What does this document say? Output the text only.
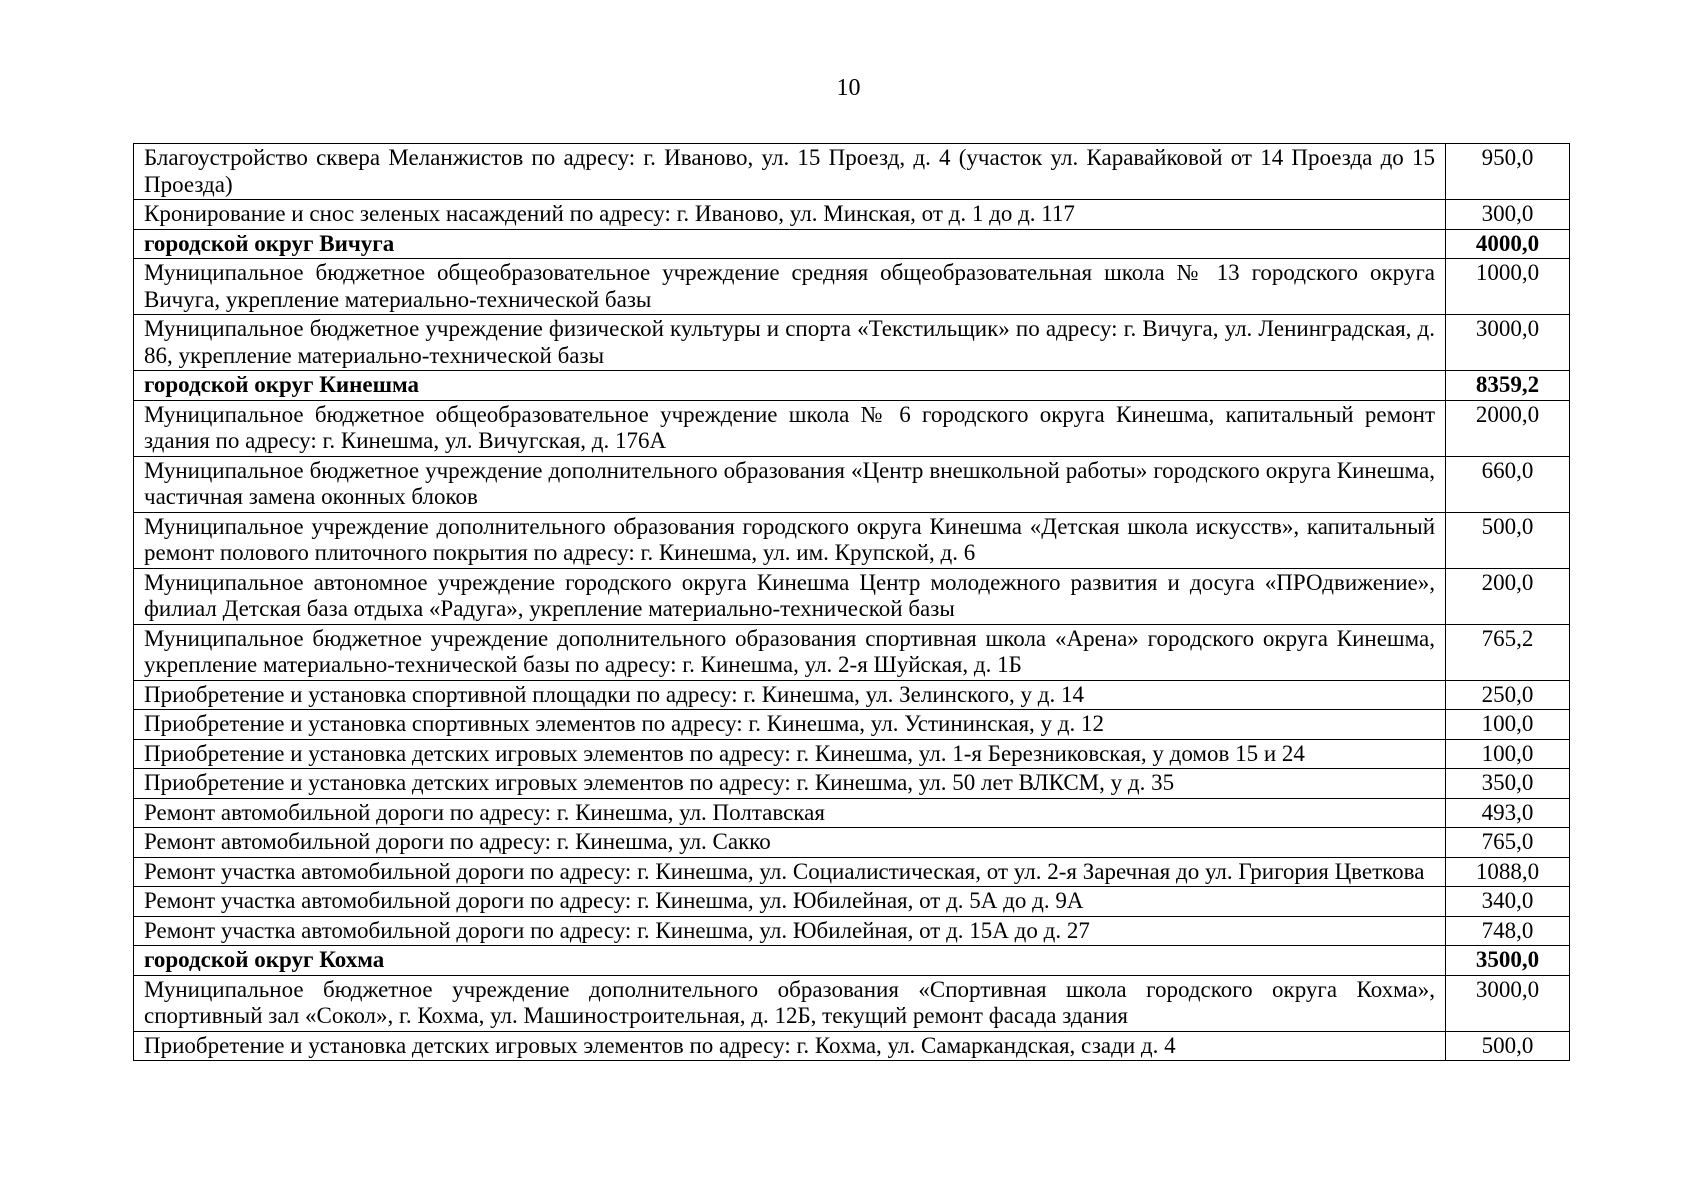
10
Благоустройство сквера Меланжистов по адресу: г. Иваново, ул. 15 Проезд, д. 4 (участок ул. Каравайковой от 14 Проезда до 15 Проезда)	950,0
Кронирование и снос зеленых насаждений по адресу: г. Иваново, ул. Минская, от д. 1 до д. 117	300,0
городской округ Вичуга	4000,0
Муниципальное бюджетное общеобразовательное учреждение средняя общеобразовательная школа № 13 городского округа Вичуга, укрепление материально-технической базы	1000,0
Муниципальное бюджетное учреждение физической культуры и спорта «Текстильщик» по адресу: г. Вичуга, ул. Ленинградская, д. 86, укрепление материально-технической базы	3000,0
городской округ Кинешма	8359,2
Муниципальное бюджетное общеобразовательное учреждение школа № 6 городского округа Кинешма, капитальный ремонт здания по адресу: г. Кинешма, ул. Вичугская, д. 176А	2000,0
Муниципальное бюджетное учреждение дополнительного образования «Центр внешкольной работы» городского округа Кинешма, частичная замена оконных блоков	660,0
Муниципальное учреждение дополнительного образования городского округа Кинешма «Детская школа искусств», капитальный ремонт полового плиточного покрытия по адресу: г. Кинешма, ул. им. Крупской, д. 6	500,0
Муниципальное автономное учреждение городского округа Кинешма Центр молодежного развития и досуга «ПРОдвижение», филиал Детская база отдыха «Радуга», укрепление материально-технической базы	200,0
Муниципальное бюджетное учреждение дополнительного образования спортивная школа «Арена» городского округа Кинешма, укрепление материально-технической базы по адресу: г. Кинешма, ул. 2-я Шуйская, д. 1Б	765,2
Приобретение и установка спортивной площадки по адресу: г. Кинешма, ул. Зелинского, у д. 14	250,0
Приобретение и установка спортивных элементов по адресу: г. Кинешма, ул. Устининская, у д. 12	100,0
Приобретение и установка детских игровых элементов по адресу: г. Кинешма, ул. 1-я Березниковская, у домов 15 и 24	100,0
Приобретение и установка детских игровых элементов по адресу: г. Кинешма, ул. 50 лет ВЛКСМ, у д. 35	350,0
Ремонт автомобильной дороги по адресу: г. Кинешма, ул. Полтавская	493,0
Ремонт автомобильной дороги по адресу: г. Кинешма, ул. Сакко	765,0
Ремонт участка автомобильной дороги по адресу: г. Кинешма, ул. Социалистическая, от ул. 2-я Заречная до ул. Григория Цветкова	1088,0
Ремонт участка автомобильной дороги по адресу: г. Кинешма, ул. Юбилейная, от д. 5А до д. 9А	340,0
Ремонт участка автомобильной дороги по адресу: г. Кинешма, ул. Юбилейная, от д. 15А до д. 27	748,0
городской округ Кохма	3500,0
Муниципальное бюджетное учреждение дополнительного образования «Спортивная школа городского округа Кохма», спортивный зал «Сокол», г. Кохма, ул. Машиностроительная, д. 12Б, текущий ремонт фасада здания	3000,0
Приобретение и установка детских игровых элементов по адресу: г. Кохма, ул. Самаркандская, сзади д. 4	500,0
